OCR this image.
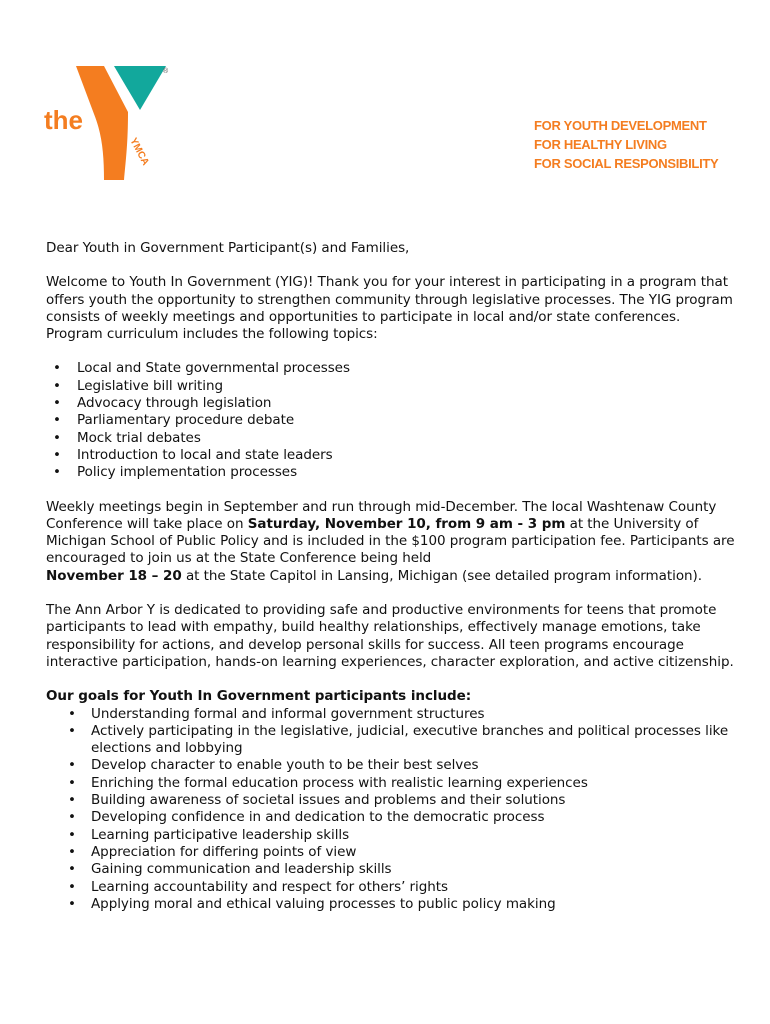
the
YMCA
®
FOR YOUTH DEVELOPMENT
FOR HEALTHY LIVING
FOR SOCIAL RESPONSIBILITY

Dear Youth in Government Participant(s) and Families,

Welcome to Youth In Government (YIG)! Thank you for your interest in participating in a program that offers youth the opportunity to strengthen community through legislative processes. The YIG program consists of weekly meetings and opportunities to participate in local and/or state conferences. Program curriculum includes the following topics:

• Local and State governmental processes
• Legislative bill writing
• Advocacy through legislation
• Parliamentary procedure debate
• Mock trial debates
• Introduction to local and state leaders
• Policy implementation processes

Weekly meetings begin in September and run through mid-December. The local Washtenaw County Conference will take place on Saturday, November 10, from 9 am - 3 pm at the University of Michigan School of Public Policy and is included in the $100 program participation fee. Participants are encouraged to join us at the State Conference being held
November 18 – 20 at the State Capitol in Lansing, Michigan (see detailed program information).

The Ann Arbor Y is dedicated to providing safe and productive environments for teens that promote participants to lead with empathy, build healthy relationships, effectively manage emotions, take responsibility for actions, and develop personal skills for success. All teen programs encourage interactive participation, hands-on learning experiences, character exploration, and active citizenship.

Our goals for Youth In Government participants include:
• Understanding formal and informal government structures
• Actively participating in the legislative, judicial, executive branches and political processes like elections and lobbying
• Develop character to enable youth to be their best selves
• Enriching the formal education process with realistic learning experiences
• Building awareness of societal issues and problems and their solutions
• Developing confidence in and dedication to the democratic process
• Learning participative leadership skills
• Appreciation for differing points of view
• Gaining communication and leadership skills
• Learning accountability and respect for others’ rights
• Applying moral and ethical valuing processes to public policy making
